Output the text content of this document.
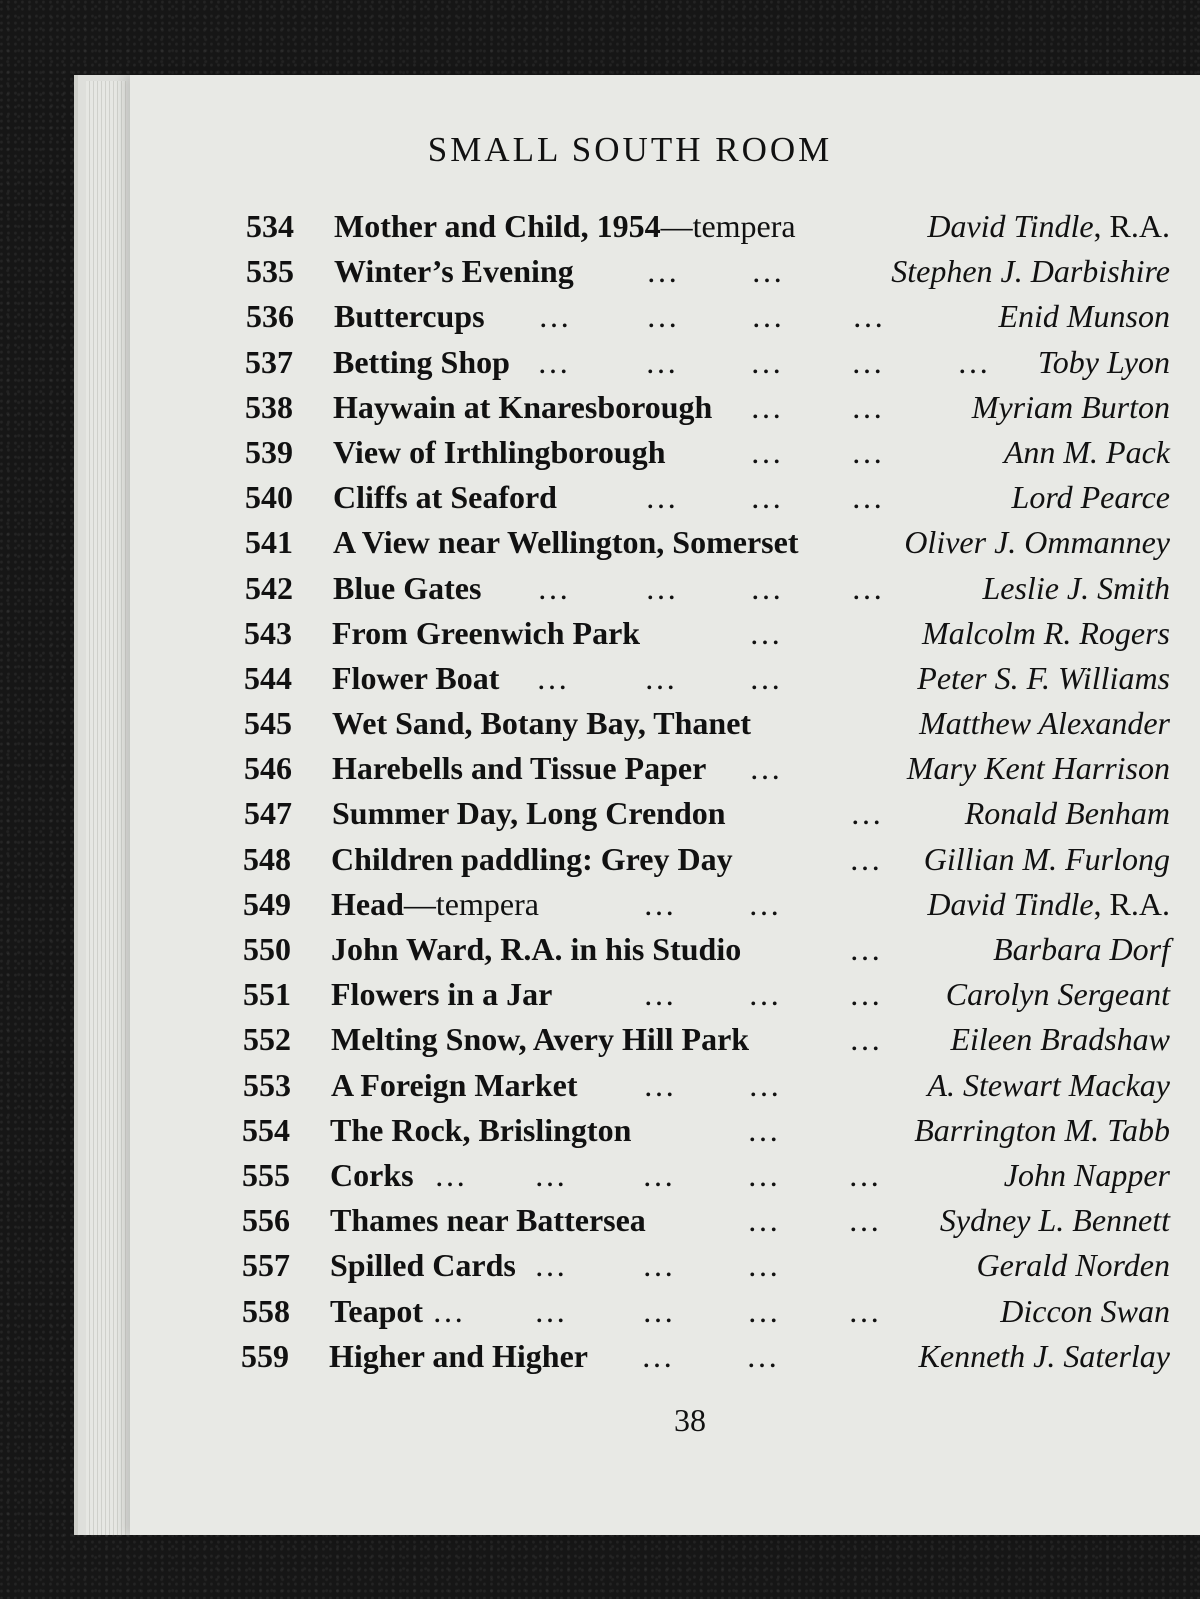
SMALL SOUTH ROOM
534 Mother and Child, 1954—tempera	David Tindle, R.A.
535 Winter’s Evening … …	Stephen J. Darbishire
536 Buttercups … … … …	Enid Munson
537 Betting Shop … … … … … Toby Lyon
538 Haywain at Knaresborough … …	Myriam Burton
539 View of Irthlingborough	… …	Ann M. Pack
540 Cliffs at Seaford	… … …	Lord Pearce
541 A View near Wellington, Somerset	Oliver J. Ommanney
542 Blue Gates … … … …	Leslie J. Smith
543 From Greenwich Park	…	Malcolm R. Rogers
544 Flower Boat … … …	Peter S. F. Williams
545 Wet Sand, Botany Bay, Thanet	Matthew Alexander
546 Harebells and Tissue Paper …	Mary Kent Harrison
547 Summer Day, Long Crendon	…	Ronald Benham
548 Children paddling: Grey Day	… Gillian M. Furlong
549 Head—tempera	… …	David Tindle, R.A.
550 John Ward, R.A. in his Studio	…	Barbara Dorf
551 Flowers in a Jar	… … … Carolyn Sergeant
552 Melting Snow, Avery Hill Park	… Eileen Bradshaw
553 A Foreign Market … …	A. Stewart Mackay
554 The Rock, Brislington	…	Barrington M. Tabb
555 Corks … … … … …	John Napper
556 Thames near Battersea	… … Sydney L. Bennett
557 Spilled Cards … … …	Gerald Norden
558 Teapot … … … … …	Diccon Swan
559 Higher and Higher … …	Kenneth J. Saterlay
38
